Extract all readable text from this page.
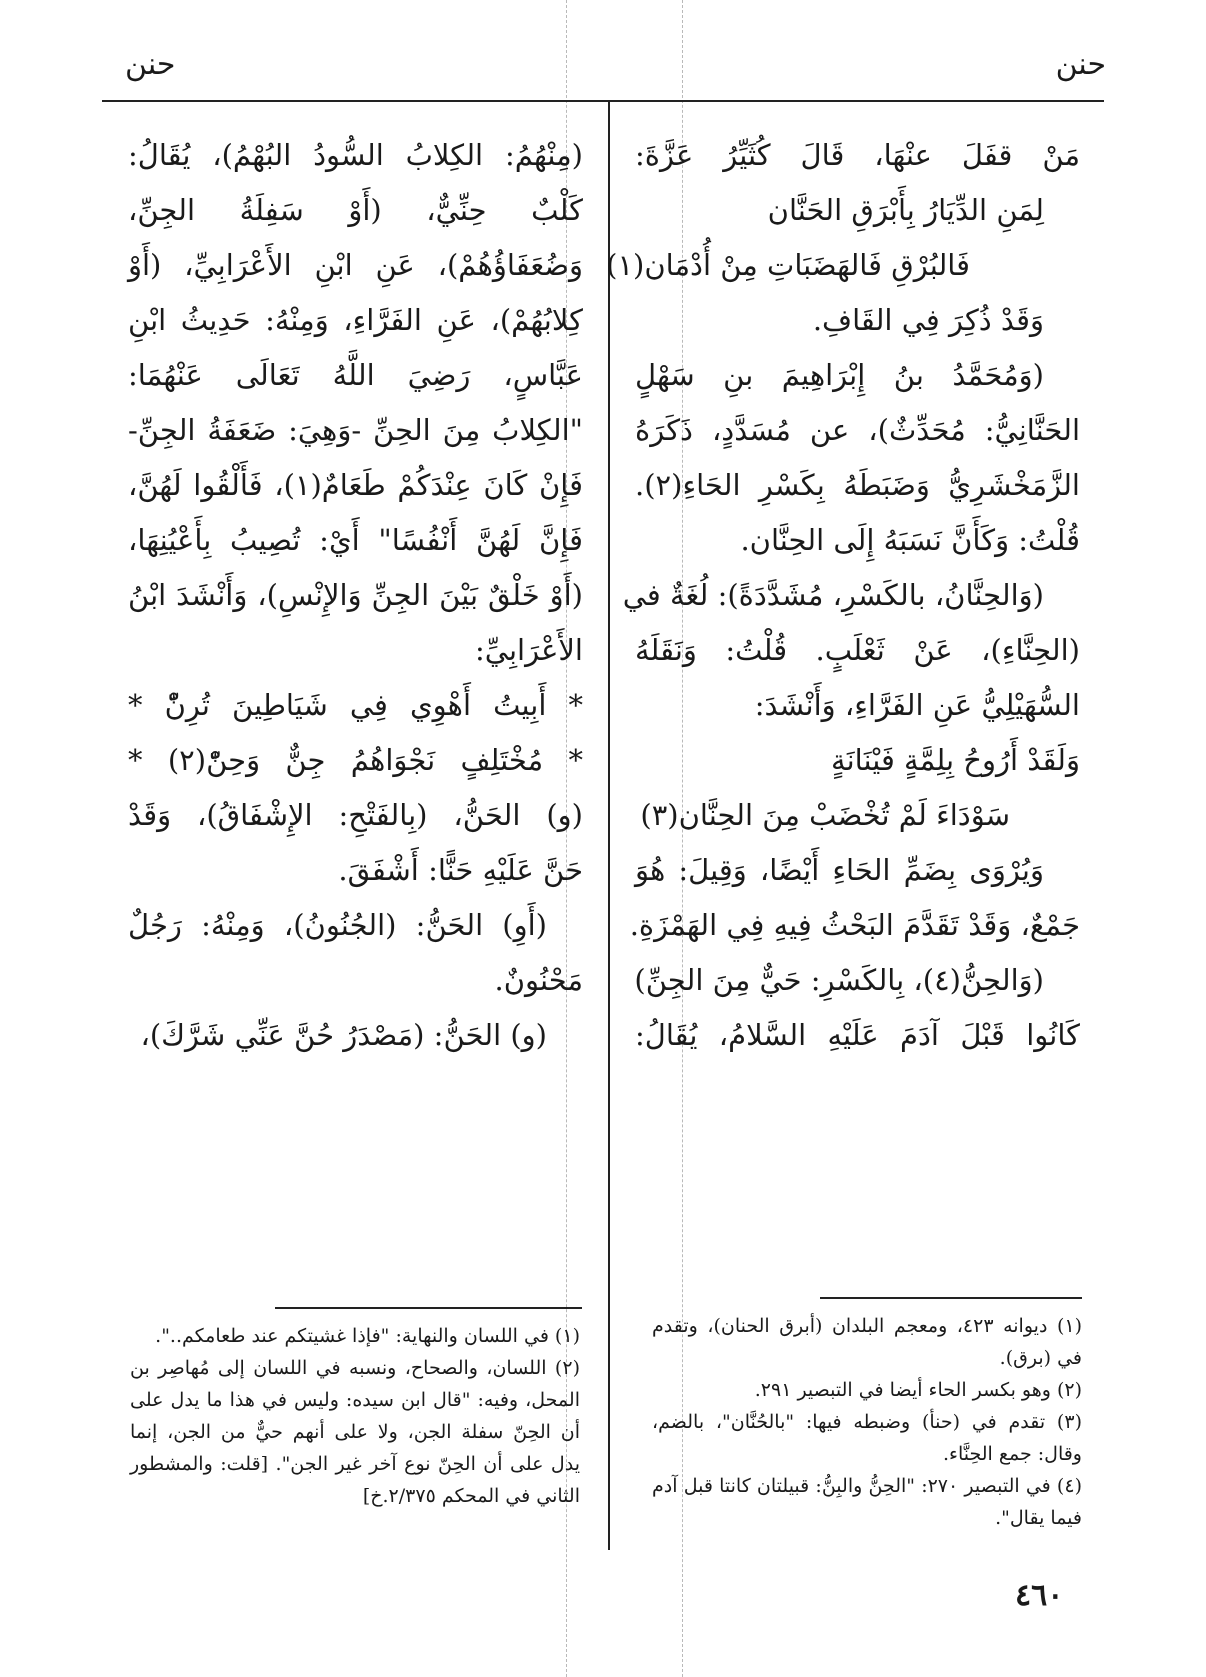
حنن
حنن
مَنْ قفَلَ عنْهَا، قَالَ كُثَيِّرُ عَزَّةَ:
لِمَنِ الدِّيَارُ بِأَبْرَقِ الحَنَّان
فَالبُرْقِ فَالهَضَبَاتِ مِنْ أُدْمَان(١)
وَقَدْ ذُكِرَ فِي القَافِ.
(وَمُحَمَّدُ بنُ إِبْرَاهِيمَ بنِ سَهْلٍ
الحَنَّانِيُّ: مُحَدِّثٌ)، عن مُسَدَّدٍ، ذَكَرَهُ
الزَّمَخْشَرِيُّ وَضَبَطَهُ بِكَسْرِ الحَاءِ(٢).
قُلْتُ: وَكَأَنَّ نَسَبَهُ إِلَى الحِنَّان.
(وَالحِنَّانُ، بالكَسْرِ، مُشَدَّدَةً): لُغَةٌ في
(الحِنَّاءِ)، عَنْ ثَعْلَبٍ. قُلْتُ: وَنَقَلَهُ
السُّهَيْلِيُّ عَنِ الفَرَّاءِ، وَأَنْشَدَ:
وَلَقَدْ أَرُوحُ بِلِمَّةٍ فَيْنَانَةٍ
سَوْدَاءَ لَمْ تُخْضَبْ مِنَ الحِنَّان(٣)
وَيُرْوَى بِضَمِّ الحَاءِ أَيْضًا، وَقِيلَ: هُوَ
جَمْعٌ، وَقَدْ تَقَدَّمَ البَحْثُ فِيهِ فِي الهَمْزَةِ.
(وَالحِنُّ(٤)، بِالكَسْرِ: حَيٌّ مِنَ الجِنِّ)
كَانُوا قَبْلَ آدَمَ عَلَيْهِ السَّلامُ، يُقَالُ:
(مِنْهُمُ: الكِلابُ السُّودُ البُهْمُ)، يُقَالُ:
كَلْبٌ حِنِّيٌّ، (أَوْ سَفِلَةُ الجِنِّ،
وَضُعَفَاؤُهُمْ)، عَنِ ابْنِ الأَعْرَابِيِّ، (أَوْ
كِلابُهُمْ)، عَنِ الفَرَّاءِ، وَمِنْهُ: حَدِيثُ ابْنِ
عَبَّاسٍ، رَضِيَ اللَّهُ تَعَالَى عَنْهُمَا:
"الكِلابُ مِنَ الحِنِّ -وَهِيَ: ضَعَفَةُ الجِنِّ-
فَإِنْ كَانَ عِنْدَكُمْ طَعَامٌ(١)، فَأَلْقُوا لَهُنَّ،
فَإِنَّ لَهُنَّ أَنْفُسًا" أَيْ: تُصِيبُ بِأَعْيُنِهَا،
(أَوْ خَلْقٌ بَيْنَ الجِنِّ وَالإِنْسِ)، وَأَنْشَدَ ابْنُ
الأَعْرَابِيِّ:
* أَبِيتُ أَهْوِي فِي شَيَاطِينَ تُرِنّْ *
* مُخْتَلِفٍ نَجْوَاهُمُ جِنٌّ وَحِنّْ(٢) *
(و) الحَنُّ، (بِالفَتْحِ: الإِشْفَاقُ)، وَقَدْ
حَنَّ عَلَيْهِ حَنًّا: أَشْفَقَ.
(أَوِ) الحَنُّ: (الجُنُونُ)، وَمِنْهُ: رَجُلٌ
مَحْنُونٌ.
(و) الحَنُّ: (مَصْدَرُ حُنَّ عَنِّي شَرَّكَ)،
(١) ديوانه ٤٢٣، ومعجم البلدان (أبرق الحنان)، وتقدم
في (برق).
(٢) وهو بكسر الحاء أيضا في التبصير ٢٩١.
(٣) تقدم في (حنأ) وضبطه فيها: "بالحُنَّان"، بالضم،
وقال: جمع الحِنَّاء.
(٤) في التبصير ٢٧٠: "الحِنُّ والبِنُّ: قبيلتان كانتا قبل آدم
فيما يقال".
(١) في اللسان والنهاية: "فإذا غشيتكم عند طعامكم..".
(٢) اللسان، والصحاح، ونسبه في اللسان إلى مُهاصِر بن
المحل، وفيه: "قال ابن سيده: وليس في هذا ما يدل على
أن الحِنّ سفلة الجن، ولا على أنهم حيٌّ من الجن، إنما
يدل على أن الحِنّ نوع آخر غير الجن". [قلت: والمشطور
الثاني في المحكم ٢/٣٧٥.خ]
٤٦٠
